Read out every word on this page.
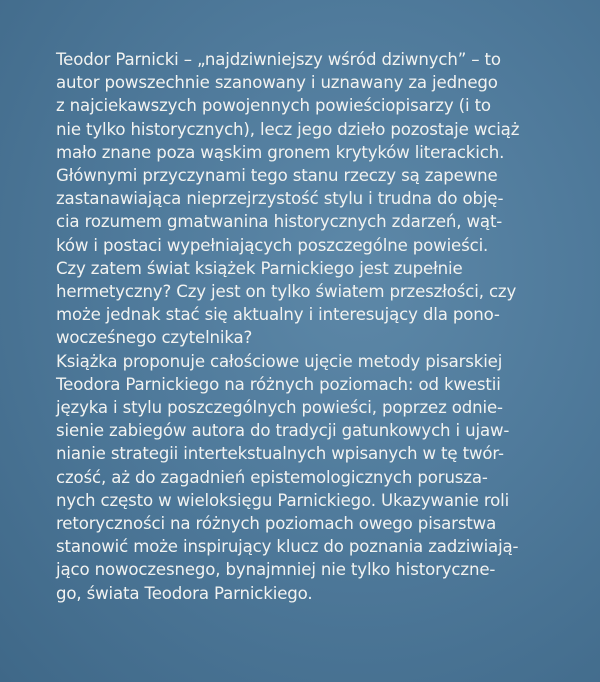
Teodor Parnicki – „najdziwniejszy wśród dziwnych” – to
autor powszechnie szanowany i uznawany za jednego
z najciekawszych powojennych powieściopisarzy (i to
nie tylko historycznych), lecz jego dzieło pozostaje wciąż
mało znane poza wąskim gronem krytyków literackich.
Głównymi przyczynami tego stanu rzeczy są zapewne
zastanawiająca nieprzejrzystość stylu i trudna do obję-
cia rozumem gmatwanina historycznych zdarzeń, wąt-
ków i postaci wypełniających poszczególne powieści.
Czy zatem świat książek Parnickiego jest zupełnie
hermetyczny? Czy jest on tylko światem przeszłości, czy
może jednak stać się aktualny i interesujący dla pono-
wocześnego czytelnika?
Książka proponuje całościowe ujęcie metody pisarskiej
Teodora Parnickiego na różnych poziomach: od kwestii
języka i stylu poszczególnych powieści, poprzez odnie-
sienie zabiegów autora do tradycji gatunkowych i ujaw-
nianie strategii intertekstualnych wpisanych w tę twór-
czość, aż do zagadnień epistemologicznych porusza-
nych często w wieloksięgu Parnickiego. Ukazywanie roli
retoryczności na różnych poziomach owego pisarstwa
stanowić może inspirujący klucz do poznania zadziwiają-
jąco nowoczesnego, bynajmniej nie tylko historyczne-
go, świata Teodora Parnickiego.
